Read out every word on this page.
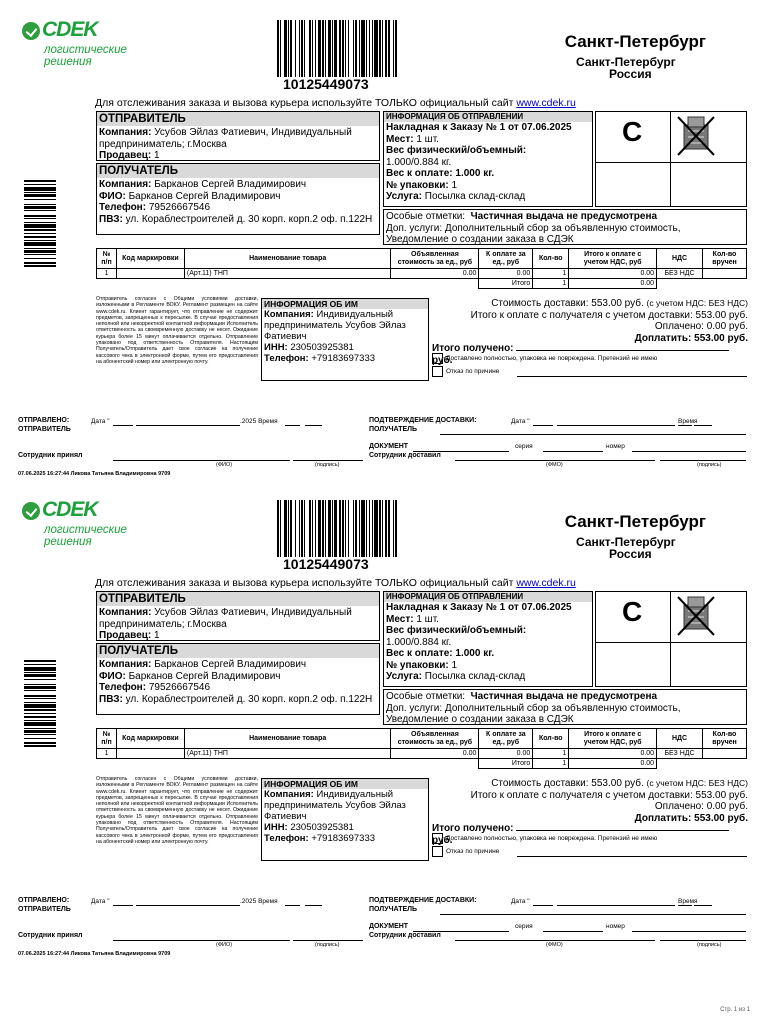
СDEK
логистические
решения
10125449073
Санкт-Петербург
Санкт-Петербург
Россия
Для отслеживания заказа и вызова курьера используйте ТОЛЬКО официальный сайт www.cdek.ru
ОТПРАВИТЕЛЬ
Компания: Усубов Эйлаз Фатиевич, Индивидуальный предприниматель; г.Москва
Продавец: 1
ПОЛУЧАТЕЛЬ
Компания: Барканов Сергей Владимирович
ФИО: Барканов Сергей Владимирович
Телефон: 79526667546
ПВЗ: ул. Кораблестроителей д. 30 корп. корп.2 оф. п.122Н
ИНФОРМАЦИЯ ОБ ОТПРАВЛЕНИИ
Накладная к Заказу № 1 от 07.06.2025
Мест: 1 шт.
Вес физический/объемный:
1.000/0.884 кг.
Вес к оплате: 1.000 кг.
№ упаковки: 1
Услуга: Посылка склад-склад
С
Особые отметки: Частичная выдача не предусмотрена
Доп. услуги: Дополнительный сбор за объявленную стоимость, Уведомление о создании заказа в СДЭК
№ п/п	Код маркировки	Наименование товара	Объявленная стоимость за ед., руб	К оплате за ед., руб	Кол-во	Итого к оплате с учетом НДС, руб	НДС	Кол-во вручен
1		(Арт.11) ТНП	0.00	0.00	1	0.00	БЕЗ НДС	
				Итого	1	0.00		
Отправитель согласен с Общими условиями доставки, изложенными в Регламенте ВОКУ. Регламент размещен на сайте www.cdek.ru. Клиент гарантирует, что отправление не содержит предметов, запрещенных к пересылке. В случае предоставления неполной или некорректной контактной информации Исполнитель ответственность за своевременную доставку не несет. Ожидание курьера более 15 минут оплачивается отдельно. Отправление упаковано под ответственность Отправителя. Настоящим Получатель/Отправитель дает свое согласие на получение кассового чека в электронной форме, путем его предоставления на абонентский номер или электронную почту.
ИНФОРМАЦИЯ ОБ ИМ
Компания: Индивидуальный предприниматель Усубов Эйлаз Фатиевич
ИНН: 230503925381
Телефон: +79183697333
Стоимость доставки: 553.00 руб. (с учетом НДС: БЕЗ НДС)
Итого к оплате с получателя с учетом доставки: 553.00 руб.
Оплачено: 0.00 руб.
Доплатить: 553.00 руб.
Итого получено:  руб.
Доставлено полностью, упаковка не повреждена. Претензий не имею
Отказ по причине
ОТПРАВЛЕНО:
ОТПРАВИТЕЛЬ
Дата "	.2025 Время	ПОДТВЕРЖДЕНИЕ ДОСТАВКИ:
ПОЛУЧАТЕЛЬ
Дата "	Время
Сотрудник принял
ДОКУМЕНТ	серия	номер
Сотрудник доставил
(ФИО)	(подпись)	(ФМО)	(подпись)
07.06.2025 16:27:44 Ликова Татьяна Владимировна 9709
СDEK
логистические
решения
10125449073
Санкт-Петербург
Санкт-Петербург
Россия
Для отслеживания заказа и вызова курьера используйте ТОЛЬКО официальный сайт www.cdek.ru
ОТПРАВИТЕЛЬ
Компания: Усубов Эйлаз Фатиевич, Индивидуальный предприниматель; г.Москва
Продавец: 1
ПОЛУЧАТЕЛЬ
Компания: Барканов Сергей Владимирович
ФИО: Барканов Сергей Владимирович
Телефон: 79526667546
ПВЗ: ул. Кораблестроителей д. 30 корп. корп.2 оф. п.122Н
ИНФОРМАЦИЯ ОБ ОТПРАВЛЕНИИ
Накладная к Заказу № 1 от 07.06.2025
Мест: 1 шт.
Вес физический/объемный:
1.000/0.884 кг.
Вес к оплате: 1.000 кг.
№ упаковки: 1
Услуга: Посылка склад-склад
С
Особые отметки: Частичная выдача не предусмотрена
Доп. услуги: Дополнительный сбор за объявленную стоимость, Уведомление о создании заказа в СДЭК
№ п/п	Код маркировки	Наименование товара	Объявленная стоимость за ед., руб	К оплате за ед., руб	Кол-во	Итого к оплате с учетом НДС, руб	НДС	Кол-во вручен
1		(Арт.11) ТНП	0.00	0.00	1	0.00	БЕЗ НДС	
				Итого	1	0.00		
Отправитель согласен с Общими условиями доставки, изложенными в Регламенте ВОКУ. Регламент размещен на сайте www.cdek.ru. Клиент гарантирует, что отправление не содержит предметов, запрещенных к пересылке. В случае предоставления неполной или некорректной контактной информации Исполнитель ответственность за своевременную доставку не несет. Ожидание курьера более 15 минут оплачивается отдельно. Отправление упаковано под ответственность Отправителя. Настоящим Получатель/Отправитель дает свое согласие на получение кассового чека в электронной форме, путем его предоставления на абонентский номер или электронную почту.
ИНФОРМАЦИЯ ОБ ИМ
Компания: Индивидуальный предприниматель Усубов Эйлаз Фатиевич
ИНН: 230503925381
Телефон: +79183697333
Стоимость доставки: 553.00 руб. (с учетом НДС: БЕЗ НДС)
Итого к оплате с получателя с учетом доставки: 553.00 руб.
Оплачено: 0.00 руб.
Доплатить: 553.00 руб.
Итого получено:  руб.
Доставлено полностью, упаковка не повреждена. Претензий не имею
Отказ по причине
ОТПРАВЛЕНО:
ОТПРАВИТЕЛЬ
Дата "	.2025 Время	ПОДТВЕРЖДЕНИЕ ДОСТАВКИ:
ПОЛУЧАТЕЛЬ
Дата "	Время
Сотрудник принял
ДОКУМЕНТ	серия	номер
Сотрудник доставил
(ФИО)	(подпись)	(ФМО)	(подпись)
07.06.2025 16:27:44 Ликова Татьяна Владимировна 9709
Стр. 1 из 1
